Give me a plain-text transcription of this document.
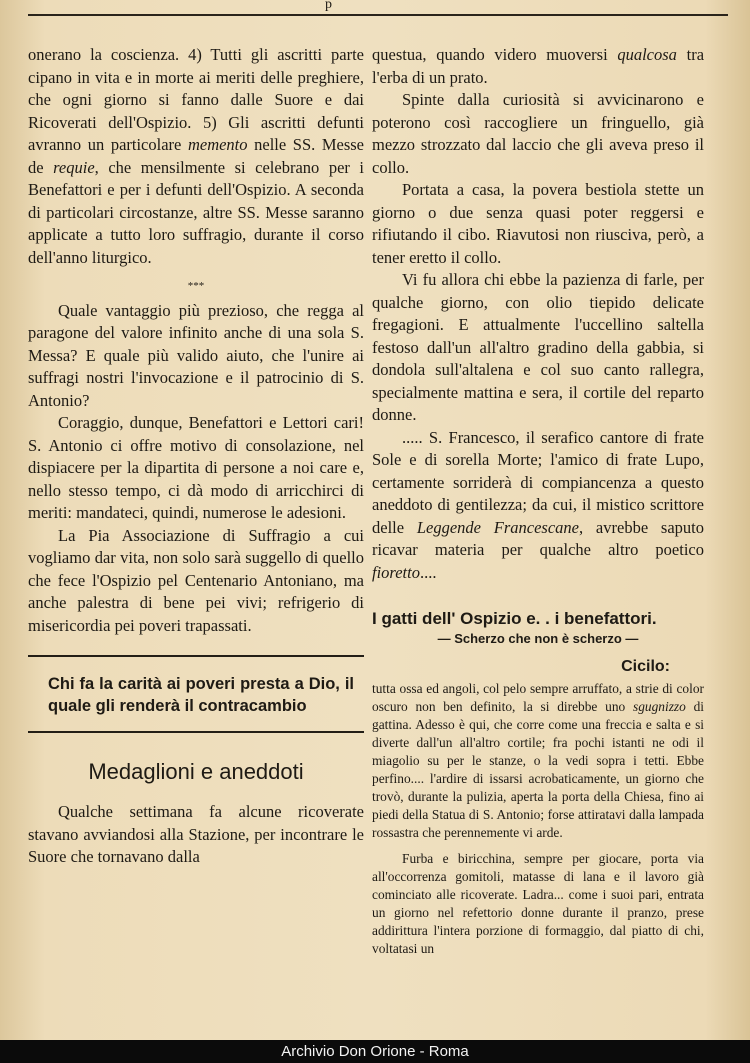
p

onerano la coscienza. 4) Tutti gli ascritti parte cipano in vita e in morte ai meriti delle preghiere, che ogni giorno si fanno dalle Suore e dai Ricoverati dell'Ospizio. 5) Gli ascritti defunti avranno un particolare memento nelle SS. Messe de requie, che mensilmente si celebrano per i Benefattori e per i defunti dell'Ospizio. A seconda di particolari circostanze, altre SS. Messe saranno applicate a tutto loro suffragio, durante il corso dell'anno liturgico.

***

Quale vantaggio più prezioso, che regga al paragone del valore infinito anche di una sola S. Messa? E quale più valido aiuto, che l'unire ai suffragi nostri l'invocazione e il patrocinio di S. Antonio?

Coraggio, dunque, Benefattori e Lettori cari! S. Antonio ci offre motivo di consolazione, nel dispiacere per la dipartita di persone a noi care e, nello stesso tempo, ci dà modo di arricchirci di meriti: mandateci, quindi, numerose le adesioni.

La Pia Associazione di Suffragio a cui vogliamo dar vita, non solo sarà suggello di quello che fece l'Ospizio pel Centenario Antoniano, ma anche palestra di bene pei vivi; refrigerio di misericordia pei poveri trapassati.

Chi fa la carità ai poveri presta a Dio, il quale gli renderà il contracambio
Medaglioni e aneddoti

Qualche settimana fa alcune ricoverate stavano avviandosi alla Stazione, per incontrare le Suore che tornavano dalla

questua, quando videro muoversi qualcosa tra l'erba di un prato.

Spinte dalla curiosità si avvicinarono e poterono così raccogliere un fringuello, già mezzo strozzato dal laccio che gli aveva preso il collo.

Portata a casa, la povera bestiola stette un giorno o due senza quasi poter reggersi e rifiutando il cibo. Riavutosi non riusciva, però, a tener eretto il collo.

Vi fu allora chi ebbe la pazienza di farle, per qualche giorno, con olio tiepido delicate fregagioni. E attualmente l'uccellino saltella festoso dall'un all'altro gradino della gabbia, si dondola sull'altalena e col suo canto rallegra, specialmente mattina e sera, il cortile del reparto donne.

..... S. Francesco, il serafico cantore di frate Sole e di sorella Morte; l'amico di frate Lupo, certamente sorriderà di compiancenza a questo aneddoto di gentilezza; da cui, il mistico scrittore delle Leggende Francescane, avrebbe saputo ricavar materia per qualche altro poetico fioretto....

I gatti dell' Ospizio e. . i benefattori.
— Scherzo che non è scherzo —
Cicilo:

tutta ossa ed angoli, col pelo sempre arruffato, a strie di color oscuro non ben definito, la si direbbe uno sgugnizzo di gattina. Adesso è qui, che corre come una freccia e salta e si diverte dall'un all'altro cortile; fra pochi istanti ne odi il miagolio su per le stanze, o la vedi sopra i tetti. Ebbe perfino.... l'ardire di issarsi acrobaticamente, un giorno che trovò, durante la pulizia, aperta la porta della Chiesa, fino ai piedi della Statua di S. Antonio; forse attiratavi dalla lampada rossastra che perennemente vi arde.

Furba e biricchina, sempre per giocare, porta via all'occorrenza gomitoli, matasse di lana e il lavoro già cominciato alle ricoverate. Ladra... come i suoi pari, entrata un giorno nel refettorio donne durante il pranzo, prese addirittura l'intera porzione di formaggio, dal piatto di chi, voltatasi un

Archivio Don Orione - Roma
